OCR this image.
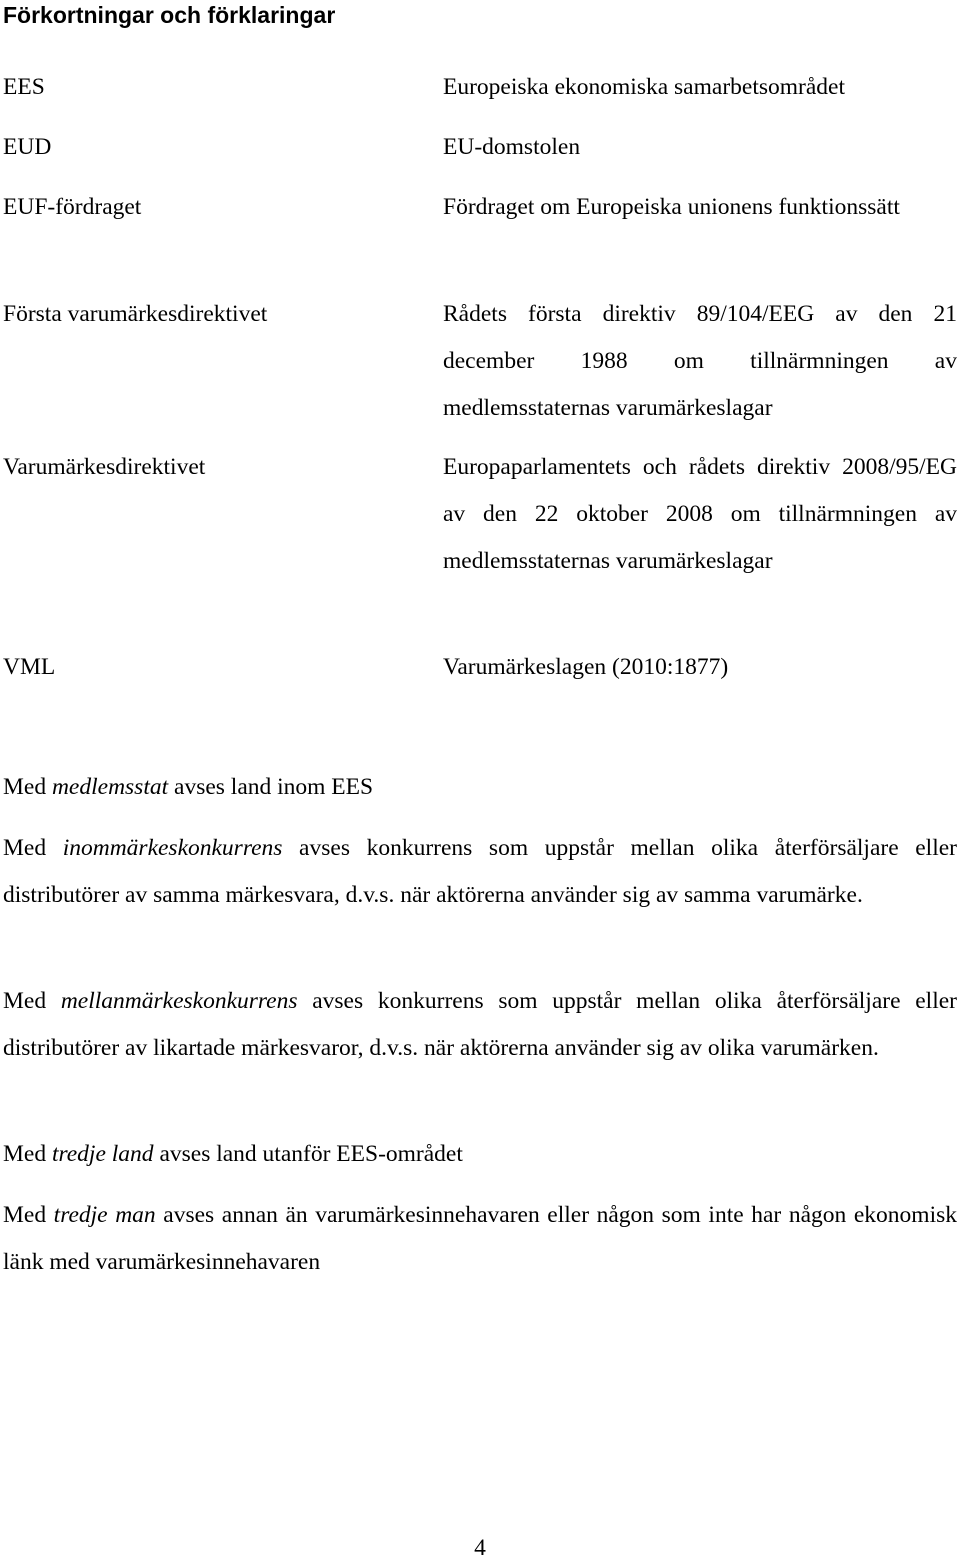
Förkortningar och förklaringar
EES	Europeiska ekonomiska samarbetsområdet
EUD	EU-domstolen
EUF-fördraget	Fördraget om Europeiska unionens funktionssätt
Första varumärkesdirektivet	Rådets första direktiv 89/104/EEG av den 21 december 1988 om tillnärmningen av medlemsstaternas varumärkeslagar
Varumärkesdirektivet	Europaparlamentets och rådets direktiv 2008/95/EG av den 22 oktober 2008 om tillnärmningen av medlemsstaternas varumärkeslagar
VML	Varumärkeslagen (2010:1877)
Med medlemsstat avses land inom EES
Med inommärkeskonkurrens avses konkurrens som uppstår mellan olika återförsäljare eller distributörer av samma märkesvara, d.v.s. när aktörerna använder sig av samma varumärke.
Med mellanmärkeskonkurrens avses konkurrens som uppstår mellan olika återförsäljare eller distributörer av likartade märkesvaror, d.v.s. när aktörerna använder sig av olika varumärken.
Med tredje land avses land utanför EES-området
Med tredje man avses annan än varumärkesinnehavaren eller någon som inte har någon ekonomisk länk med varumärkesinnehavaren
4
